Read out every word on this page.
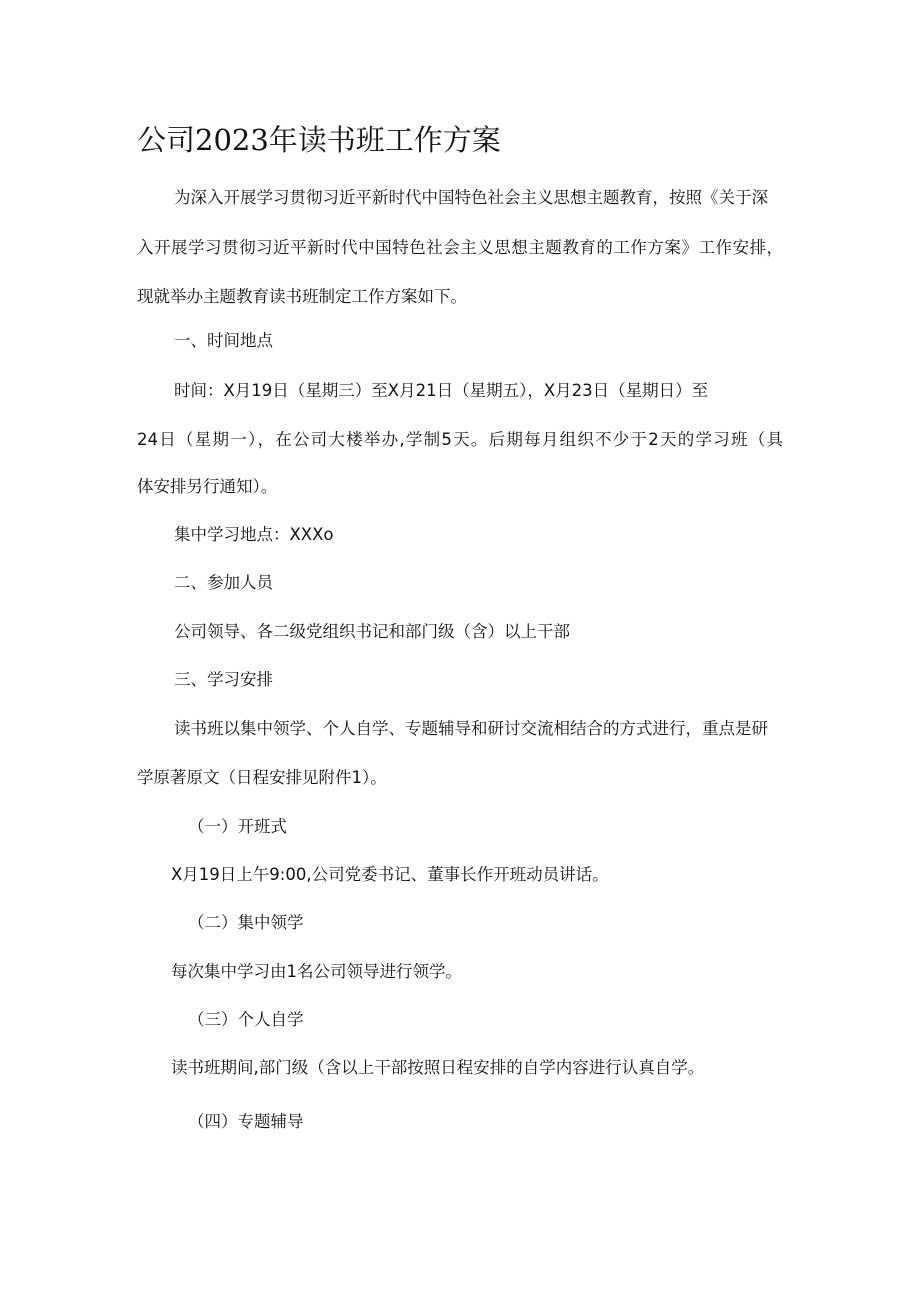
公司2023年读书班工作方案
为深入开展学习贯彻习近平新时代中国特色社会主义思想主题教育，按照《关于深
入开展学习贯彻习近平新时代中国特色社会主义思想主题教育的工作方案》工作安排，
现就举办主题教育读书班制定工作方案如下。
一、时间地点
时间：X月19日（星期三）至X月21日（星期五），X月23日（星期日）至
24日（星期一），在公司大楼举办,学制5天。后期每月组织不少于2天的学习班（具
体安排另行通知）。
集中学习地点：XXXo
二、参加人员
公司领导、各二级党组织书记和部门级（含）以上干部
三、学习安排
读书班以集中领学、个人自学、专题辅导和研讨交流相结合的方式进行，重点是研
学原著原文（日程安排见附件1）。
（一）开班式
X月19日上午9:00,公司党委书记、董事长作开班动员讲话。
（二）集中领学
每次集中学习由1名公司领导进行领学。
（三）个人自学
读书班期间,部门级（含以上干部按照日程安排的自学内容进行认真自学。
（四）专题辅导
